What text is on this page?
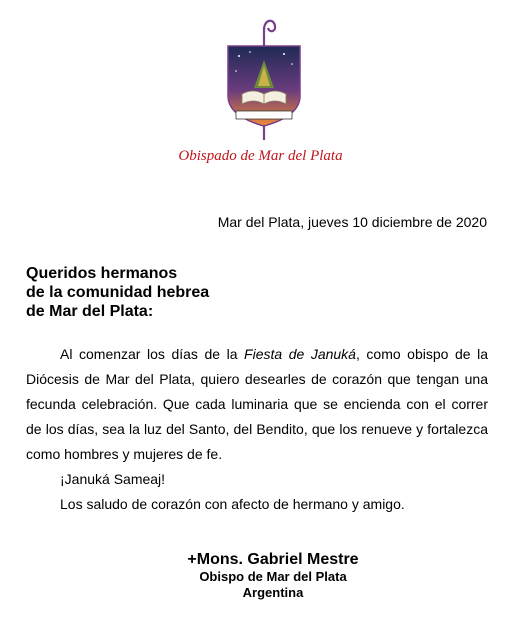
Obispado de Mar del Plata
Mar del Plata, jueves 10 diciembre de 2020
Queridos hermanos
de la comunidad hebrea
de Mar del Plata:

Al comenzar los días de la Fiesta de Januká, como obispo de la Diócesis de Mar del Plata, quiero desearles de corazón que tengan una fecunda celebración. Que cada luminaria que se encienda con el correr de los días, sea la luz del Santo, del Bendito, que los renueve y fortalezca como hombres y mujeres de fe.

¡Januká Sameaj!

Los saludo de corazón con afecto de hermano y amigo.

+Mons. Gabriel Mestre
Obispo de Mar del Plata
Argentina
